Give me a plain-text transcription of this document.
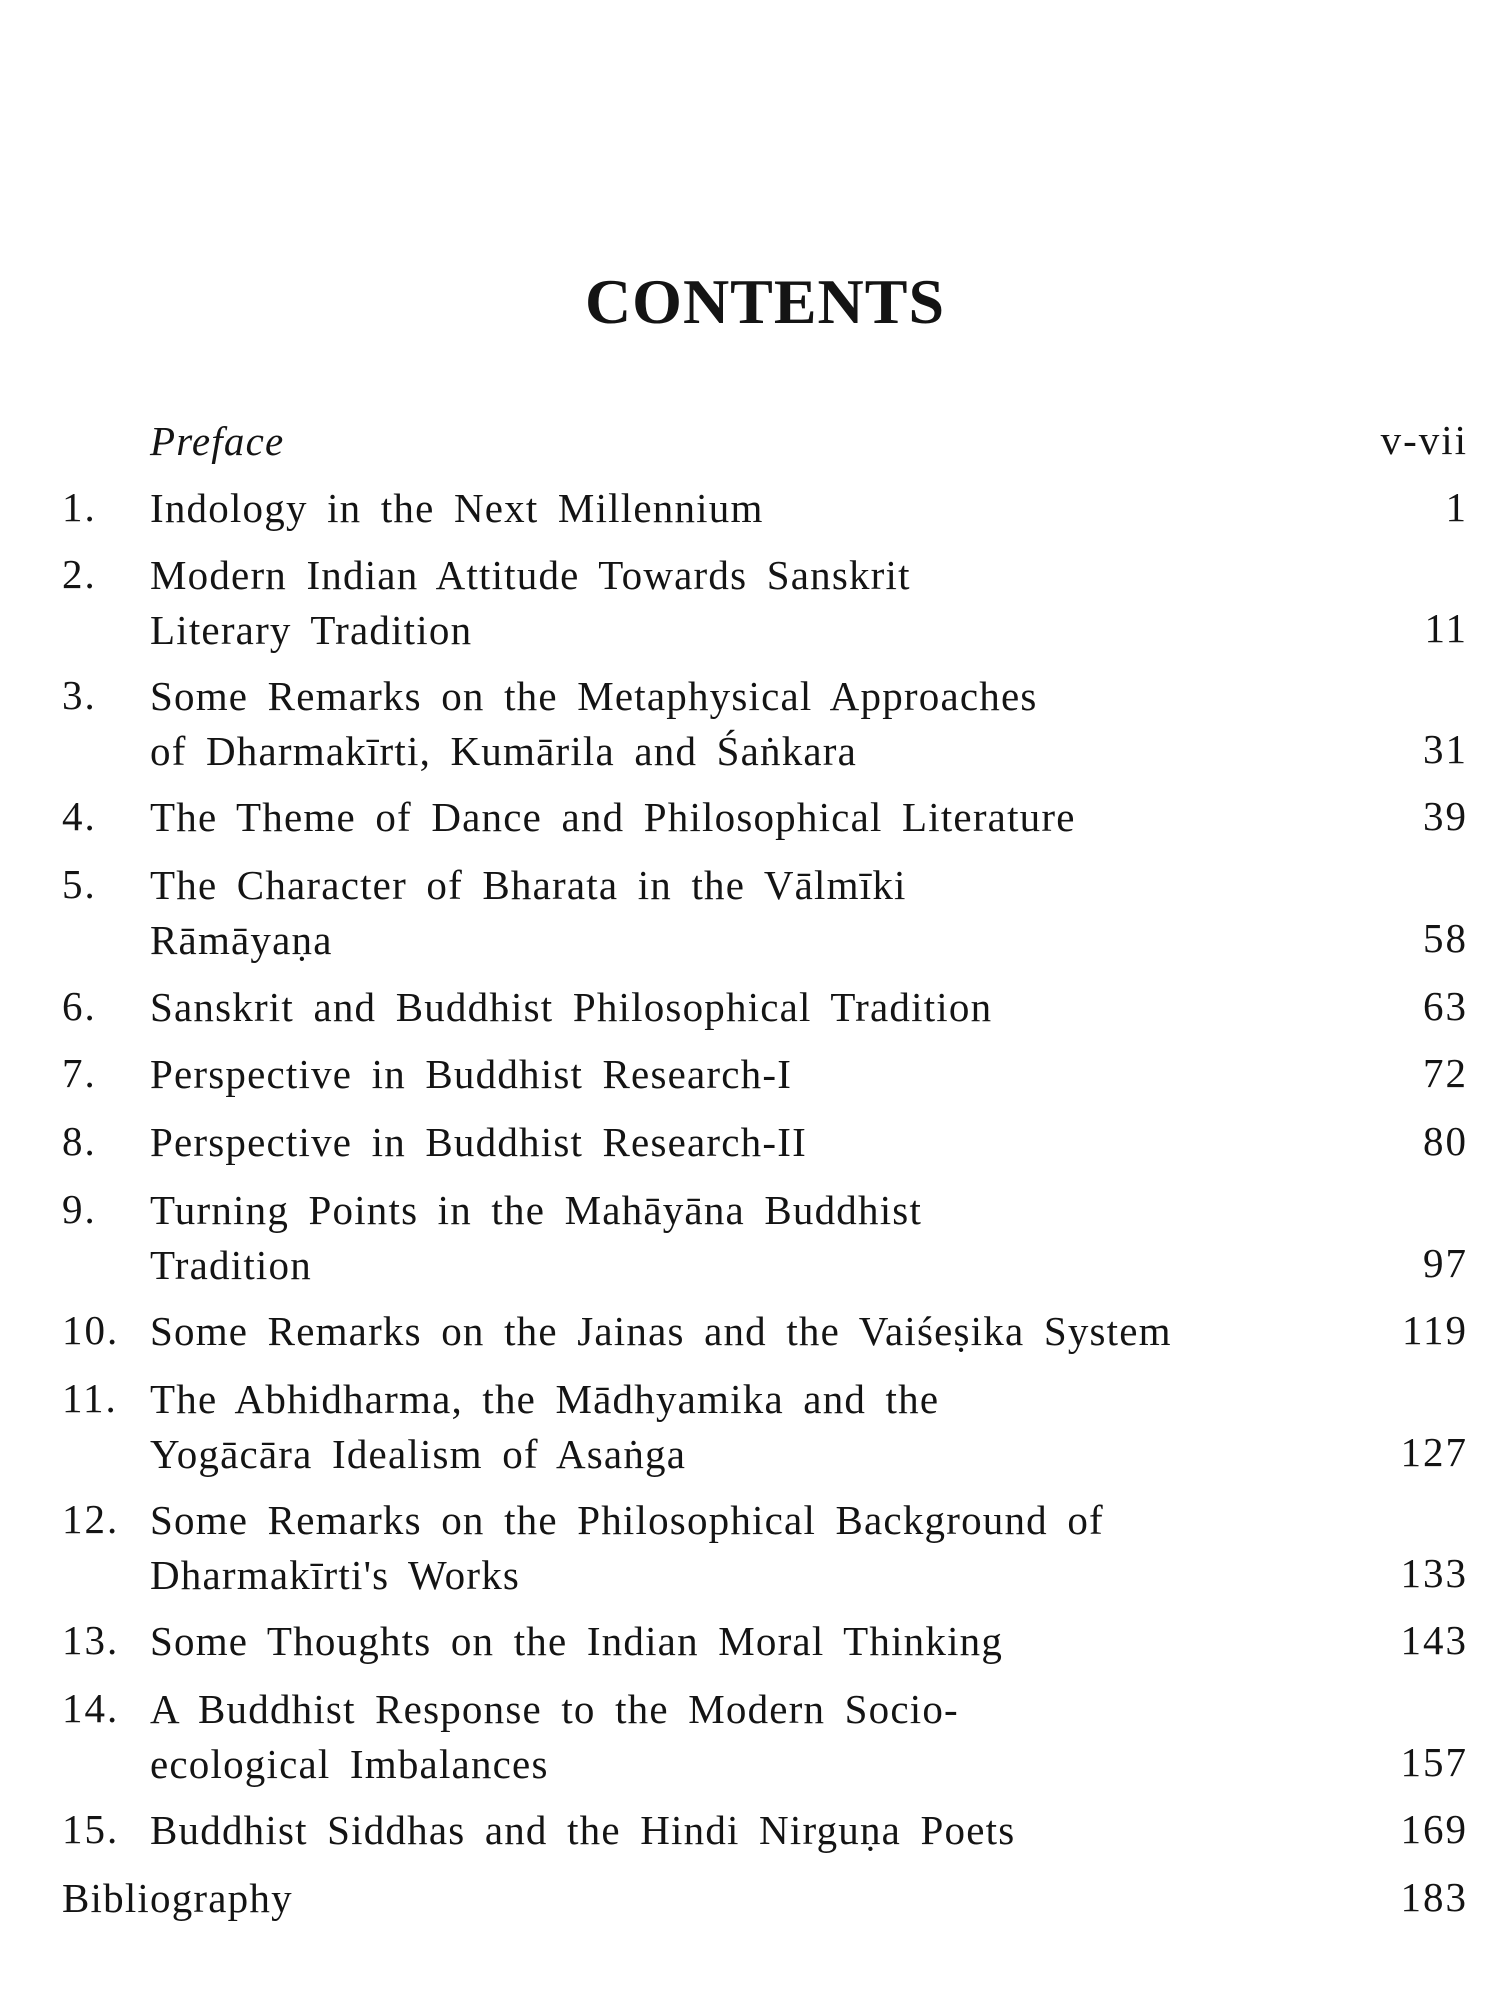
CONTENTS
Preface	v-vii
1. Indology in the Next Millennium	1
2. Modern Indian Attitude Towards Sanskrit
Literary Tradition	11
3. Some Remarks on the Metaphysical Approaches
of Dharmakīrti, Kumārila and Śaṅkara	31
4. The Theme of Dance and Philosophical Literature	39
5. The Character of Bharata in the Vālmīki
Rāmāyaṇa	58
6. Sanskrit and Buddhist Philosophical Tradition	63
7. Perspective in Buddhist Research-I	72
8. Perspective in Buddhist Research-II	80
9. Turning Points in the Mahāyāna Buddhist
Tradition	97
10. Some Remarks on the Jainas and the Vaiśeṣika System	119
11. The Abhidharma, the Mādhyamika and the
Yogācāra Idealism of Asaṅga	127
12. Some Remarks on the Philosophical Background of
Dharmakīrti's Works	133
13. Some Thoughts on the Indian Moral Thinking	143
14. A Buddhist Response to the Modern Socio-
ecological Imbalances	157
15. Buddhist Siddhas and the Hindi Nirguṇa Poets	169
Bibliography	183
